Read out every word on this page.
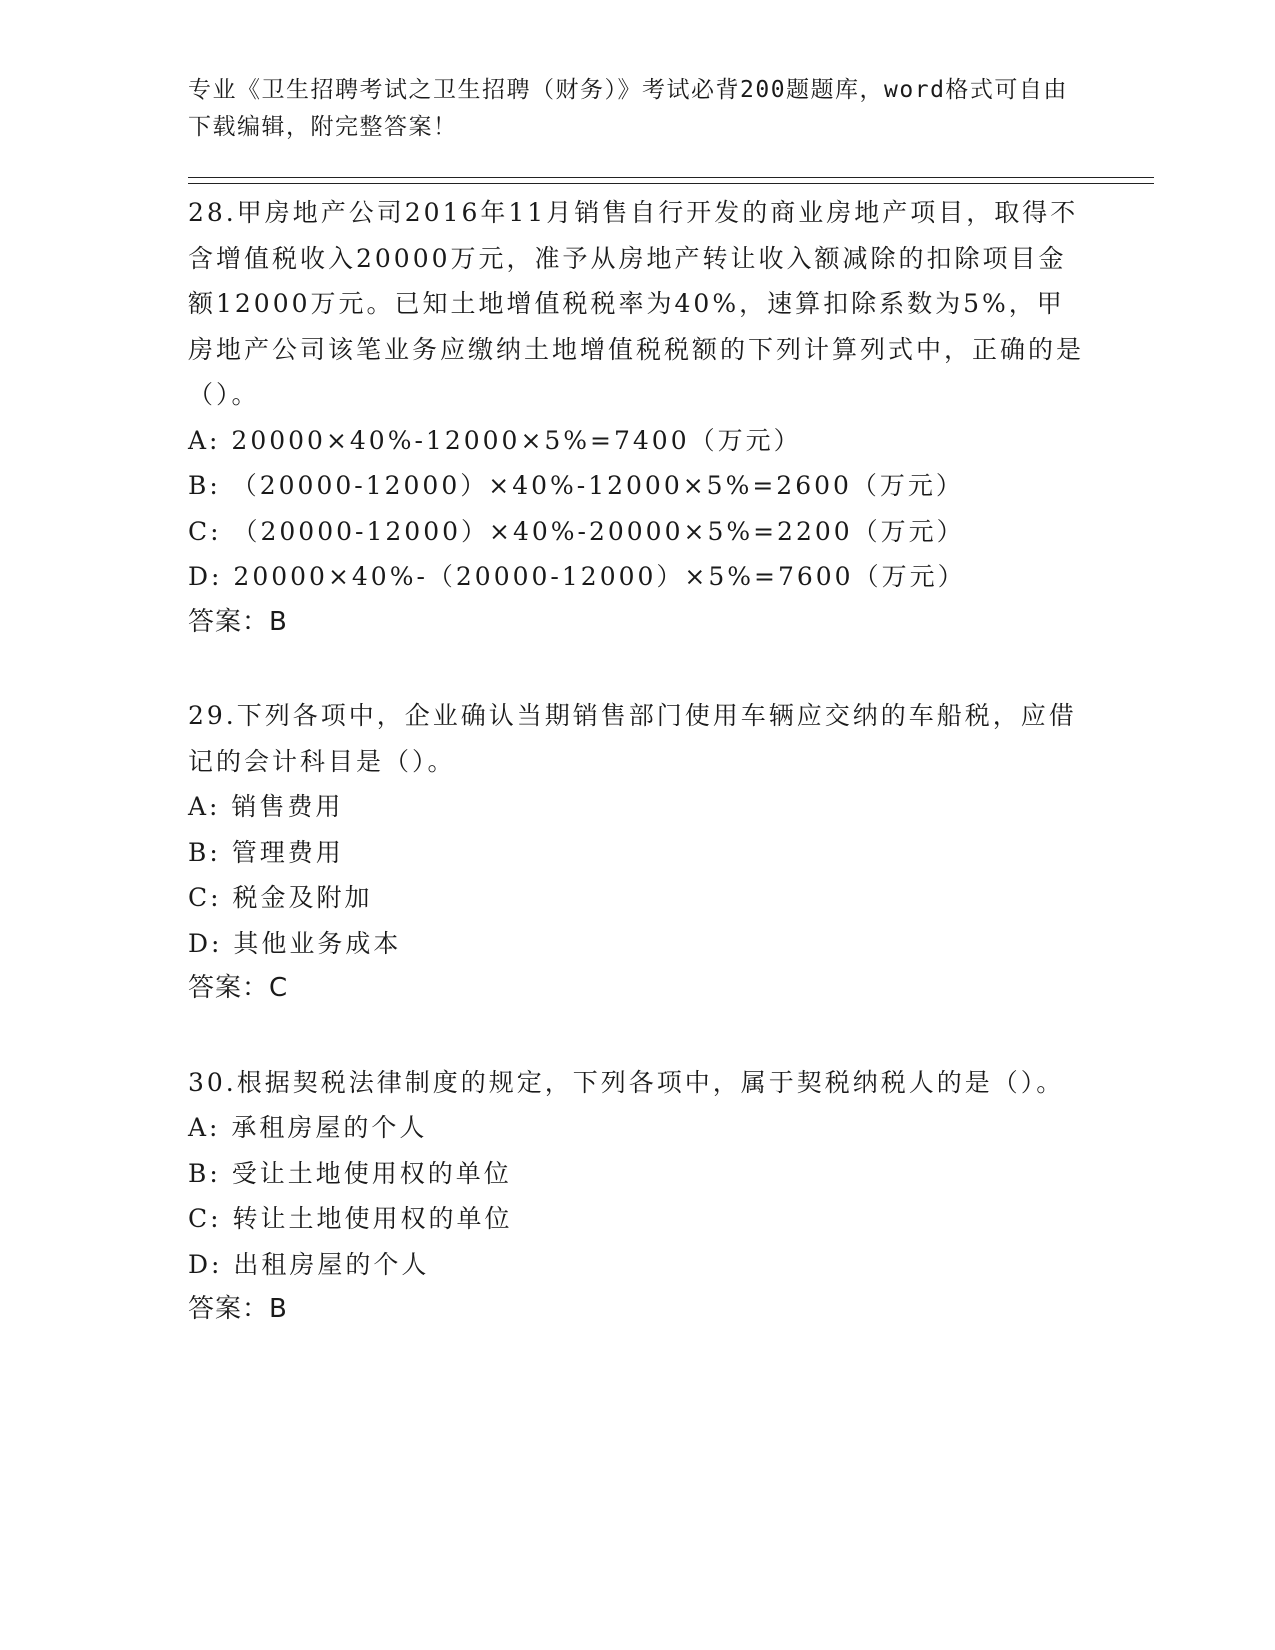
专业《卫生招聘考试之卫生招聘（财务）》考试必背200题题库，word格式可自由下载编辑，附完整答案！

28.甲房地产公司2016年11月销售自行开发的商业房地产项目，取得不含增值税收入20000万元，准予从房地产转让收入额减除的扣除项目金额12000万元。已知土地增值税税率为40%，速算扣除系数为5%，甲房地产公司该笔业务应缴纳土地增值税税额的下列计算列式中，正确的是（）。

A: 20000×40%-12000×5%=7400（万元）

B: （20000-12000）×40%-12000×5%=2600（万元）

C: （20000-12000）×40%-20000×5%=2200（万元）

D: 20000×40%-（20000-12000）×5%=7600（万元）

答案：B

29.下列各项中，企业确认当期销售部门使用车辆应交纳的车船税，应借记的会计科目是（）。

A: 销售费用

B: 管理费用

C: 税金及附加

D: 其他业务成本

答案：C

30.根据契税法律制度的规定，下列各项中，属于契税纳税人的是（）。

A: 承租房屋的个人

B: 受让土地使用权的单位

C: 转让土地使用权的单位

D: 出租房屋的个人

答案：B
